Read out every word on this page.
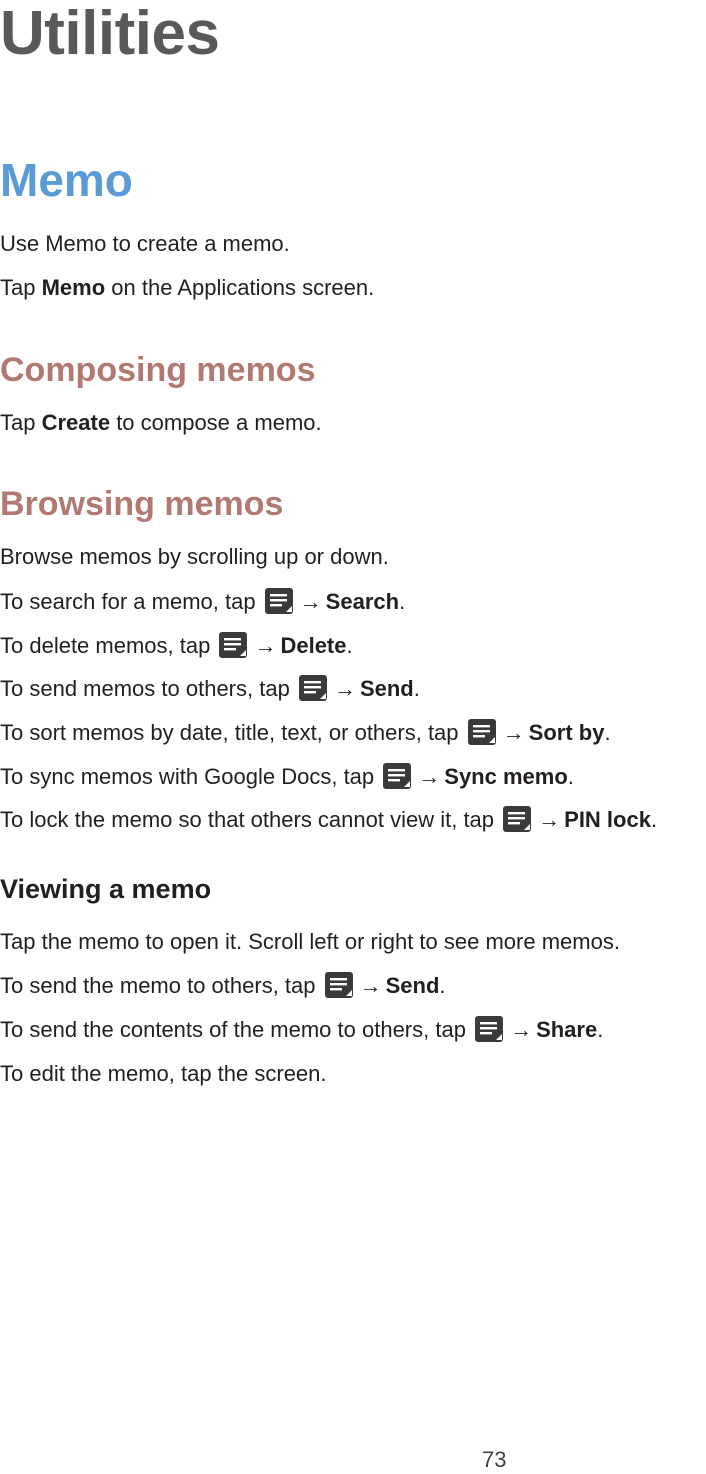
Utilities
Memo
Use Memo to create a memo.
Tap Memo on the Applications screen.
Composing memos
Tap Create to compose a memo.
Browsing memos
Browse memos by scrolling up or down.
To search for a memo, tap
→ Search.
To delete memos, tap
→ Delete.
To send memos to others, tap
→ Send.
To sort memos by date, title, text, or others, tap
→ Sort by.
To sync memos with Google Docs, tap
→ Sync memo.
To lock the memo so that others cannot view it, tap
→ PIN lock.
Viewing a memo
Tap the memo to open it. Scroll left or right to see more memos.
To send the memo to others, tap
→ Send.
To send the contents of the memo to others, tap
→ Share.
To edit the memo, tap the screen.
73
